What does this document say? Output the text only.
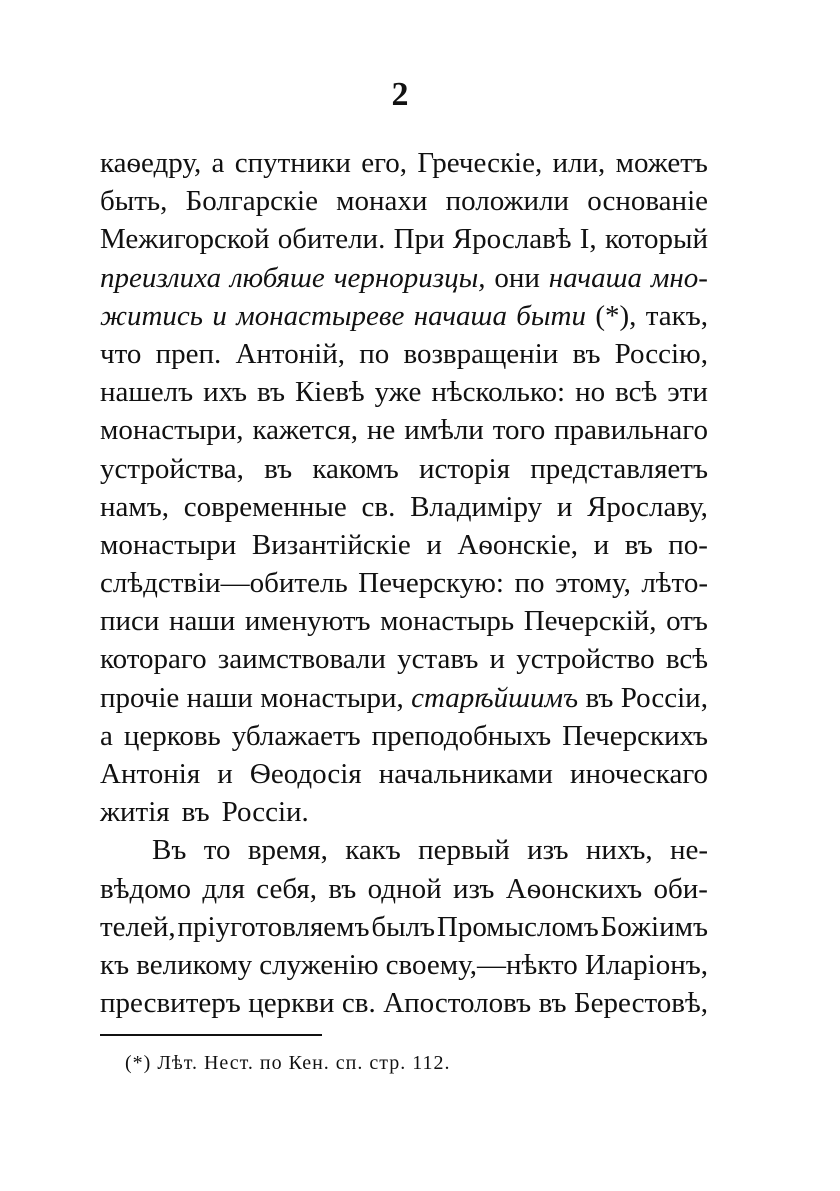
2
каѳедру, а спутники его, Греческіе, или, можетъ
быть, Болгарскіе монахи положили основаніе
Межигорской обители. При Ярославѣ I, который
преизлиха любяше черноризцы, они начаша мно-
житись и монастыреве начаша быти (*), такъ,
что преп. Антоній, по возвращеніи въ Россію,
нашелъ ихъ въ Кіевѣ уже нѣсколько: но всѣ эти
монастыри, кажется, не имѣли того правильнаго
устройства, въ какомъ исторія представляетъ
намъ, современные св. Владиміру и Ярославу,
монастыри Византійскіе и Аѳонскіе, и въ по-
слѣдствіи—обитель Печерскую: по этому, лѣто-
писи наши именуютъ монастырь Печерскій, отъ
котораго заимствовали уставъ и устройство всѣ
прочіе наши монастыри, старѣйшимъ въ Россіи,
а церковь ублажаетъ преподобныхъ Печерскихъ
Антонія и Ѳеодосія начальниками иноческаго
житія въ Россіи.
Въ то время, какъ первый изъ нихъ, не-
вѣдомо для себя, въ одной изъ Аѳонскихъ оби-
телей, пріуготовляемъ былъ Промысломъ Божіимъ
къ великому служенію своему,—нѣкто Иларіонъ,
пресвитеръ церкви св. Апостоловъ въ Берестовѣ,
(*) Лѣт. Нест. по Кен. сп. стр. 112.
